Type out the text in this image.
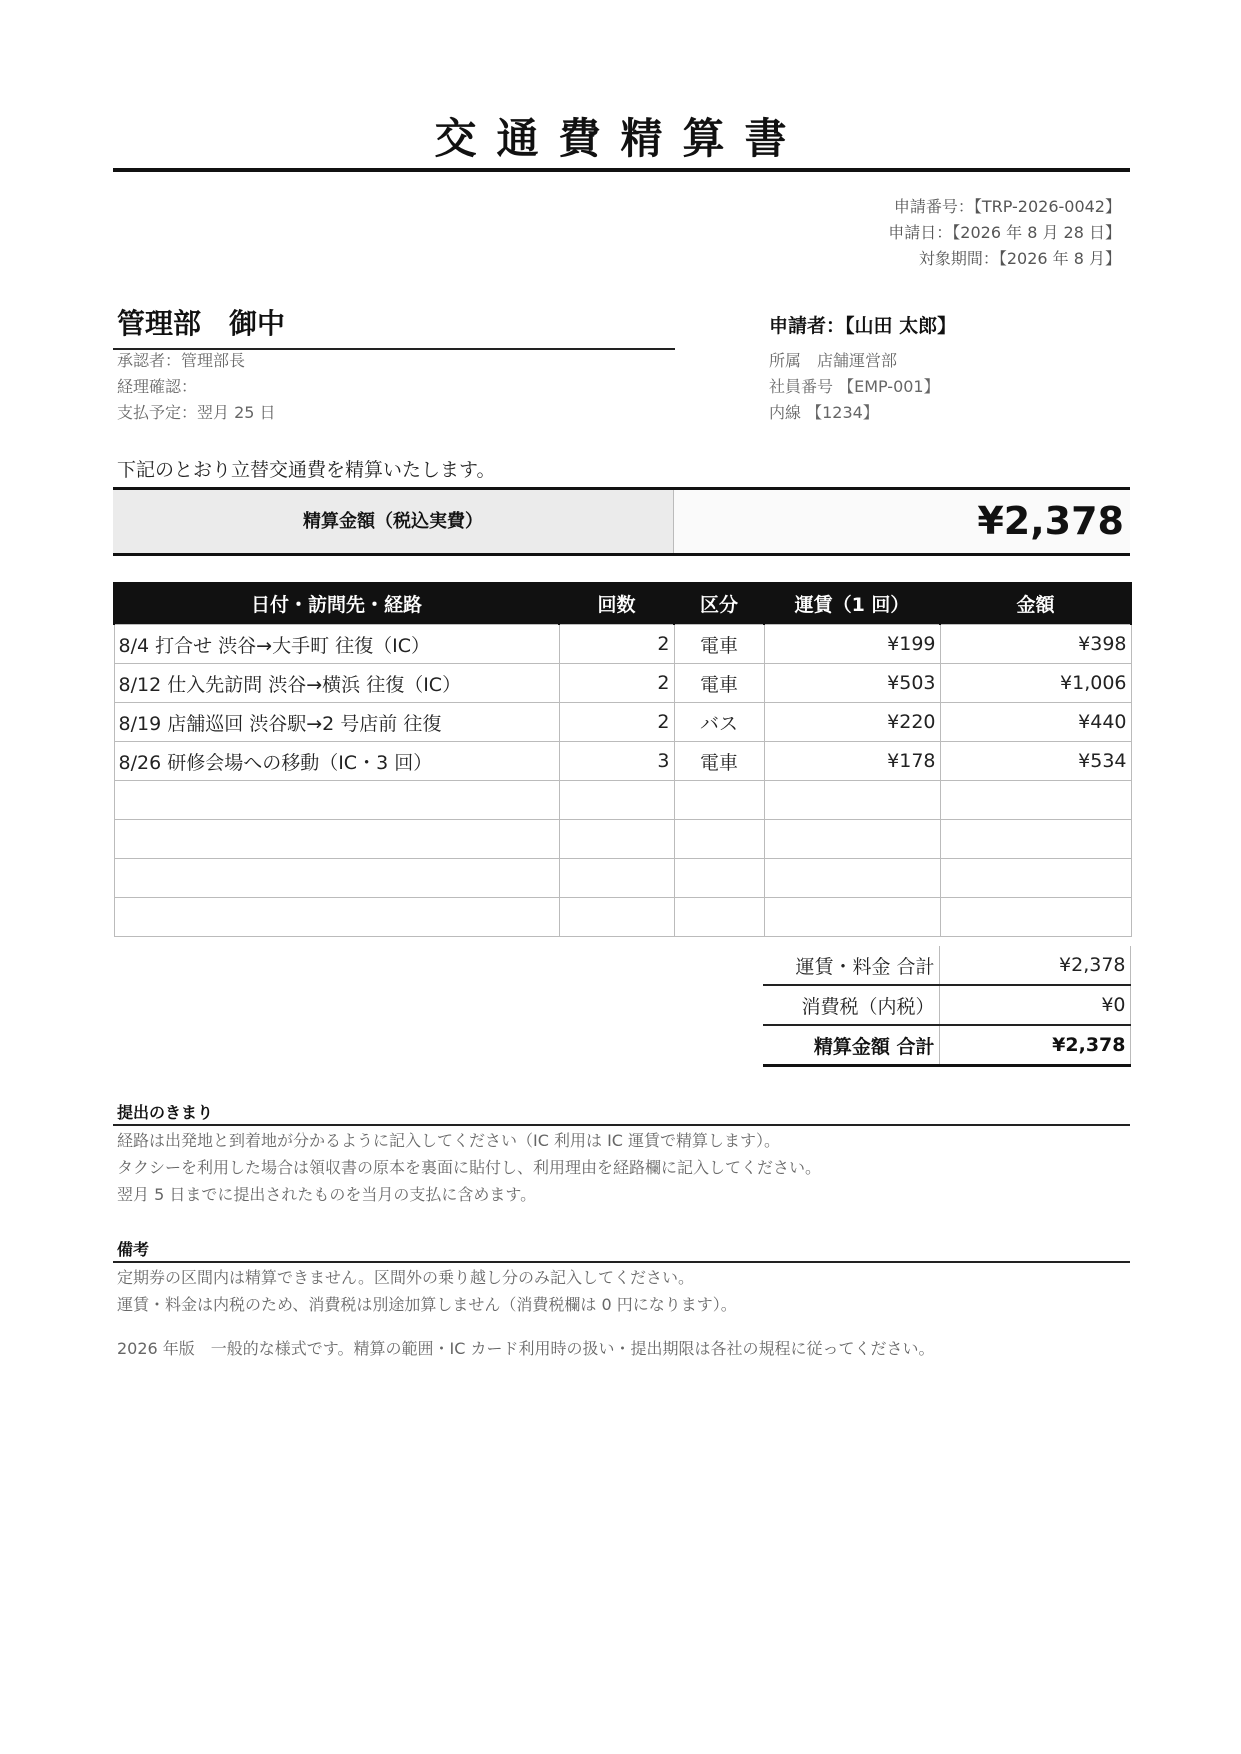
交通費精算書
申請番号：【TRP-2026-0042】
申請日：【2026 年 8 月 28 日】
対象期間：【2026 年 8 月】
管理部　御中
承認者：管理部長
経理確認：
支払予定：翌月 25 日
申請者：【山田 太郎】
所属　店舗運営部
社員番号 【EMP-001】
内線 【1234】
下記のとおり立替交通費を精算いたします。
精算金額（税込実費）	¥2,378
日付・訪問先・経路	回数	区分	運賃（1 回）	金額
8/4 打合せ 渋谷→大手町 往復（IC）	2	電車	¥199	¥398
8/12 仕入先訪問 渋谷→横浜 往復（IC）	2	電車	¥503	¥1,006
8/19 店舗巡回 渋谷駅→2 号店前 往復	2	バス	¥220	¥440
8/26 研修会場への移動（IC・3 回）	3	電車	¥178	¥534

運賃・料金 合計	¥2,378
消費税（内税）	¥0
精算金額 合計	¥2,378
提出のきまり
経路は出発地と到着地が分かるように記入してください（IC 利用は IC 運賃で精算します）。
タクシーを利用した場合は領収書の原本を裏面に貼付し、利用理由を経路欄に記入してください。
翌月 5 日までに提出されたものを当月の支払に含めます。
備考
定期券の区間内は精算できません。区間外の乗り越し分のみ記入してください。
運賃・料金は内税のため、消費税は別途加算しません（消費税欄は 0 円になります）。
2026 年版　一般的な様式です。精算の範囲・IC カード利用時の扱い・提出期限は各社の規程に従ってください。
